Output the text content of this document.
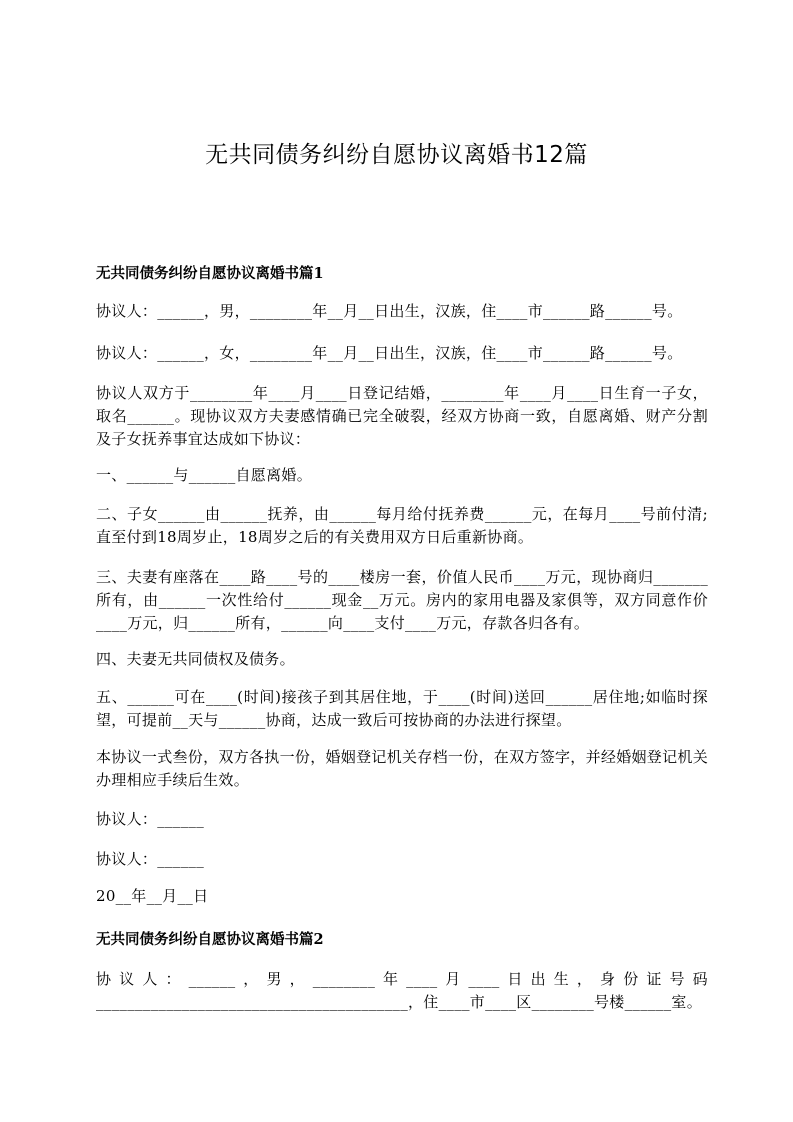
无共同债务纠纷自愿协议离婚书12篇
无共同债务纠纷自愿协议离婚书篇1
协议人：______，男，________年__月__日出生，汉族，住____市______路______号。
协议人：______，女，________年__月__日出生，汉族，住____市______路______号。
协议人双方于________年____月____日登记结婚，________年____月____日生育一子女，取名______。现协议双方夫妻感情确已完全破裂，经双方协商一致，自愿离婚、财产分割及子女抚养事宜达成如下协议：
一、______与______自愿离婚。
二、子女______由______抚养，由______每月给付抚养费______元，在每月____号前付清;直至付到18周岁止，18周岁之后的有关费用双方日后重新协商。
三、夫妻有座落在____路____号的____楼房一套，价值人民币____万元，现协商归_______所有，由______一次性给付______现金__万元。房内的家用电器及家俱等，双方同意作价____万元，归______所有，______向____支付____万元，存款各归各有。
四、夫妻无共同债权及债务。
五、______可在____(时间)接孩子到其居住地，于____(时间)送回______居住地;如临时探望，可提前__天与______协商，达成一致后可按协商的办法进行探望。
本协议一式叁份，双方各执一份，婚姻登记机关存档一份，在双方签字，并经婚姻登记机关办理相应手续后生效。
协议人：______
协议人：______
20__年__月__日
无共同债务纠纷自愿协议离婚书篇2
协议人：______，男，________年____月____日出生，身份证号码________________________________________，住____市____区________号楼______室。
